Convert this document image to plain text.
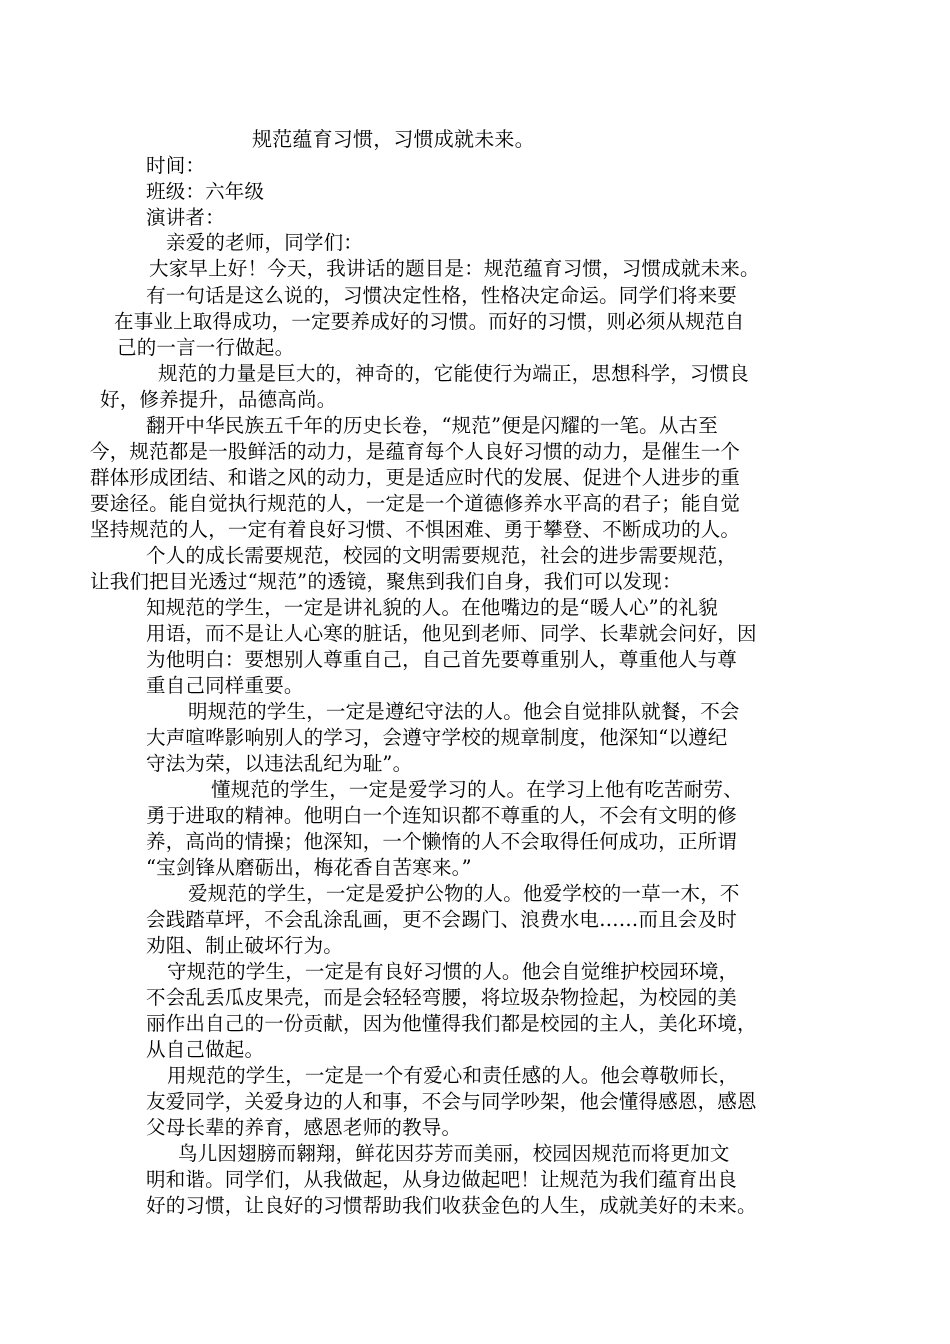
规范蕴育习惯，习惯成就未来。
时间：
班级：六年级
演讲者：
亲爱的老师，同学们：
大家早上好！今天，我讲话的题目是：规范蕴育习惯，习惯成就未来。
有一句话是这么说的，习惯决定性格，性格决定命运。同学们将来要
在事业上取得成功，一定要养成好的习惯。而好的习惯，则必须从规范自
己的一言一行做起。
规范的力量是巨大的，神奇的，它能使行为端正，思想科学，习惯良
好，修养提升，品德高尚。
翻开中华民族五千年的历史长卷，“规范”便是闪耀的一笔。从古至
今，规范都是一股鲜活的动力，是蕴育每个人良好习惯的动力，是催生一个
群体形成团结、和谐之风的动力，更是适应时代的发展、促进个人进步的重
要途径。能自觉执行规范的人，一定是一个道德修养水平高的君子；能自觉
坚持规范的人，一定有着良好习惯、不惧困难、勇于攀登、不断成功的人。
个人的成长需要规范，校园的文明需要规范，社会的进步需要规范，
让我们把目光透过“规范”的透镜，聚焦到我们自身，我们可以发现：
知规范的学生，一定是讲礼貌的人。在他嘴边的是“暖人心”的礼貌
用语，而不是让人心寒的脏话，他见到老师、同学、长辈就会问好，因
为他明白：要想别人尊重自己，自己首先要尊重别人，尊重他人与尊
重自己同样重要。
明规范的学生，一定是遵纪守法的人。他会自觉排队就餐，不会
大声喧哗影响别人的学习，会遵守学校的规章制度，他深知“以遵纪
守法为荣，以违法乱纪为耻”。
懂规范的学生，一定是爱学习的人。在学习上他有吃苦耐劳、
勇于进取的精神。他明白一个连知识都不尊重的人，不会有文明的修
养，高尚的情操；他深知，一个懒惰的人不会取得任何成功，正所谓
“宝剑锋从磨砺出，梅花香自苦寒来。”
爱规范的学生，一定是爱护公物的人。他爱学校的一草一木，不
会践踏草坪，不会乱涂乱画，更不会踢门、浪费水电……而且会及时
劝阻、制止破坏行为。
守规范的学生，一定是有良好习惯的人。他会自觉维护校园环境，
不会乱丢瓜皮果壳，而是会轻轻弯腰，将垃圾杂物捡起，为校园的美
丽作出自己的一份贡献，因为他懂得我们都是校园的主人，美化环境，
从自己做起。
用规范的学生，一定是一个有爱心和责任感的人。他会尊敬师长，
友爱同学，关爱身边的人和事，不会与同学吵架，他会懂得感恩，感恩
父母长辈的养育，感恩老师的教导。
鸟儿因翅膀而翱翔，鲜花因芬芳而美丽，校园因规范而将更加文
明和谐。同学们，从我做起，从身边做起吧！让规范为我们蕴育出良
好的习惯，让良好的习惯帮助我们收获金色的人生，成就美好的未来。
